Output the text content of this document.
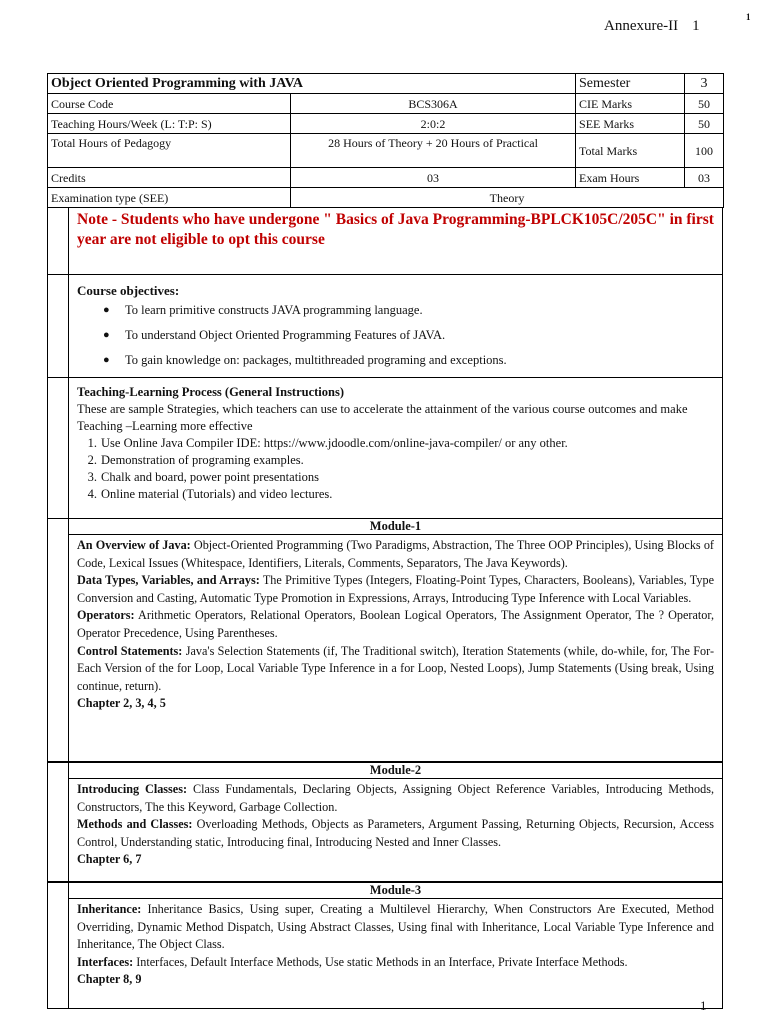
Annexure-II 1
1
Object Oriented Programming with JAVA		Semester	3
Course Code	BCS306A	CIE Marks	50
Teaching Hours/Week (L: T:P: S)	2:0:2	SEE Marks	50
Total Hours of Pedagogy	28 Hours of Theory + 20 Hours of Practical	Total Marks	100
Credits	03	Exam Hours	03
Examination type (SEE)	Theory		
Note - Students who have undergone " Basics of Java Programming-BPLCK105C/205C" in first year are not eligible to opt this course
Course objectives:
● To learn primitive constructs JAVA programming language.
● To understand Object Oriented Programming Features of JAVA.
● To gain knowledge on: packages, multithreaded programing and exceptions.
Teaching-Learning Process (General Instructions)
These are sample Strategies, which teachers can use to accelerate the attainment of the various course outcomes and make Teaching –Learning more effective
1. Use Online Java Compiler IDE: https://www.jdoodle.com/online-java-compiler/ or any other.
2. Demonstration of programing examples.
3. Chalk and board, power point presentations
4. Online material (Tutorials) and video lectures.
Module-1
An Overview of Java: Object-Oriented Programming (Two Paradigms, Abstraction, The Three OOP Principles), Using Blocks of Code, Lexical Issues (Whitespace, Identifiers, Literals, Comments, Separators, The Java Keywords).
Data Types, Variables, and Arrays: The Primitive Types (Integers, Floating-Point Types, Characters, Booleans), Variables, Type Conversion and Casting, Automatic Type Promotion in Expressions, Arrays, Introducing Type Inference with Local Variables.
Operators: Arithmetic Operators, Relational Operators, Boolean Logical Operators, The Assignment Operator, The ? Operator, Operator Precedence, Using Parentheses.
Control Statements: Java's Selection Statements (if, The Traditional switch), Iteration Statements (while, do-while, for, The For-Each Version of the for Loop, Local Variable Type Inference in a for Loop, Nested Loops), Jump Statements (Using break, Using continue, return).
Chapter 2, 3, 4, 5
Module-2
Introducing Classes: Class Fundamentals, Declaring Objects, Assigning Object Reference Variables, Introducing Methods, Constructors, The this Keyword, Garbage Collection.
Methods and Classes: Overloading Methods, Objects as Parameters, Argument Passing, Returning Objects, Recursion, Access Control, Understanding static, Introducing final, Introducing Nested and Inner Classes.
Chapter 6, 7
Module-3
Inheritance: Inheritance Basics, Using super, Creating a Multilevel Hierarchy, When Constructors Are Executed, Method Overriding, Dynamic Method Dispatch, Using Abstract Classes, Using final with Inheritance, Local Variable Type Inference and Inheritance, The Object Class.
Interfaces: Interfaces, Default Interface Methods, Use static Methods in an Interface, Private Interface Methods.
Chapter 8, 9
1
